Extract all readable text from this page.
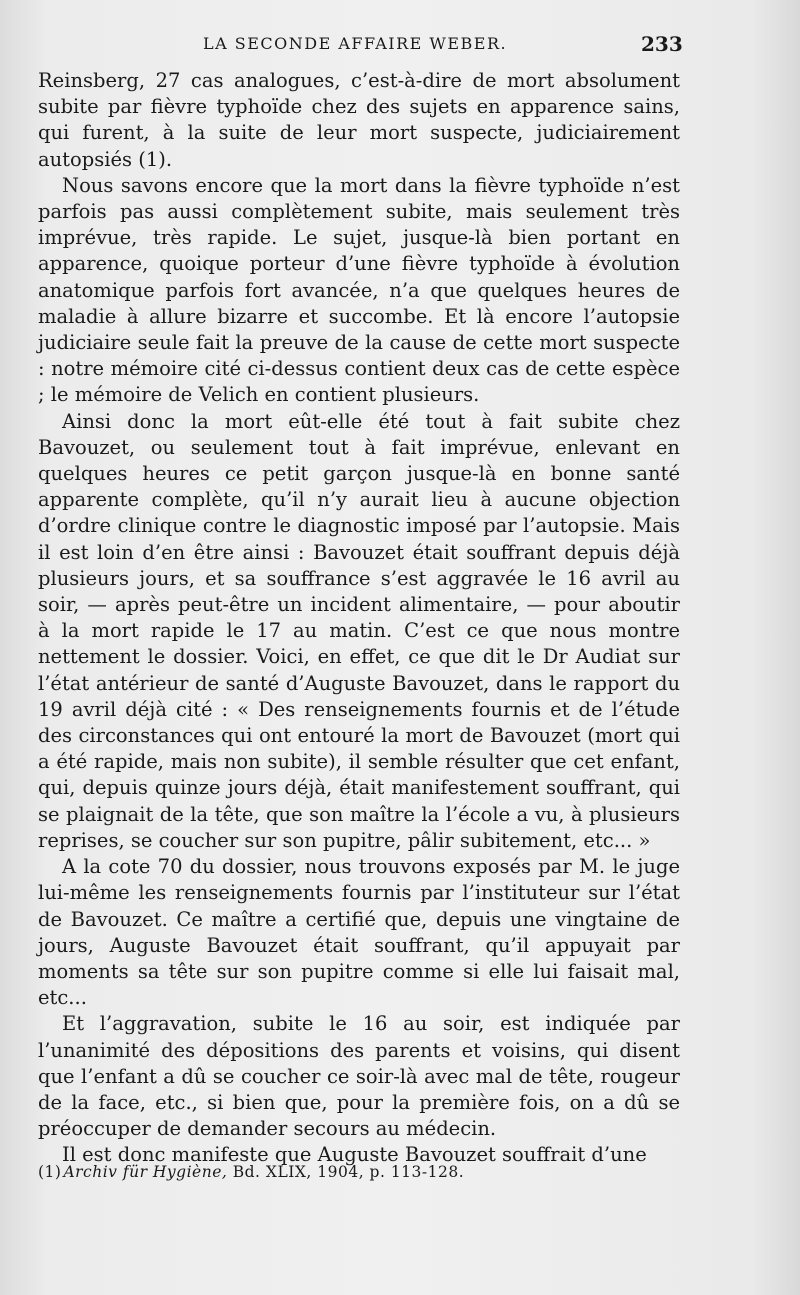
LA SECONDE AFFAIRE WEBER.	233

Reinsberg, 27 cas analogues, c’est-à-dire de mort absolument subite par fièvre typhoïde chez des sujets en apparence sains, qui furent, à la suite de leur mort suspecte, judiciairement autopsiés (1).

Nous savons encore que la mort dans la fièvre typhoïde n’est parfois pas aussi complètement subite, mais seulement très imprévue, très rapide. Le sujet, jusque-là bien portant en apparence, quoique porteur d’une fièvre typhoïde à évolution anatomique parfois fort avancée, n’a que quelques heures de maladie à allure bizarre et succombe. Et là encore l’autopsie judiciaire seule fait la preuve de la cause de cette mort suspecte : notre mémoire cité ci-dessus contient deux cas de cette espèce ; le mémoire de Velich en contient plusieurs.

Ainsi donc la mort eût-elle été tout à fait subite chez Bavouzet, ou seulement tout à fait imprévue, enlevant en quelques heures ce petit garçon jusque-là en bonne santé apparente complète, qu’il n’y aurait lieu à aucune objection d’ordre clinique contre le diagnostic imposé par l’autopsie. Mais il est loin d’en être ainsi : Bavouzet était souffrant depuis déjà plusieurs jours, et sa souffrance s’est aggravée le 16 avril au soir, — après peut-être un incident alimentaire, — pour aboutir à la mort rapide le 17 au matin. C’est ce que nous montre nettement le dossier. Voici, en effet, ce que dit le Dr Audiat sur l’état antérieur de santé d’Auguste Bavouzet, dans le rapport du 19 avril déjà cité : « Des renseignements fournis et de l’étude des circonstances qui ont entouré la mort de Bavouzet (mort qui a été rapide, mais non subite), il semble résulter que cet enfant, qui, depuis quinze jours déjà, était manifestement souffrant, qui se plaignait de la tête, que son maître la l’école a vu, à plusieurs reprises, se coucher sur son pupitre, pâlir subitement, etc... »

A la cote 70 du dossier, nous trouvons exposés par M. le juge lui-même les renseignements fournis par l’instituteur sur l’état de Bavouzet. Ce maître a certifié que, depuis une vingtaine de jours, Auguste Bavouzet était souffrant, qu’il appuyait par moments sa tête sur son pupitre comme si elle lui faisait mal, etc...

Et l’aggravation, subite le 16 au soir, est indiquée par l’unanimité des dépositions des parents et voisins, qui disent que l’enfant a dû se coucher ce soir-là avec mal de tête, rougeur de la face, etc., si bien que, pour la première fois, on a dû se préoccuper de demander secours au médecin.

Il est donc manifeste que Auguste Bavouzet souffrait d’une

(1) Archiv für Hygiène, Bd. XLIX, 1904, p. 113-128.
